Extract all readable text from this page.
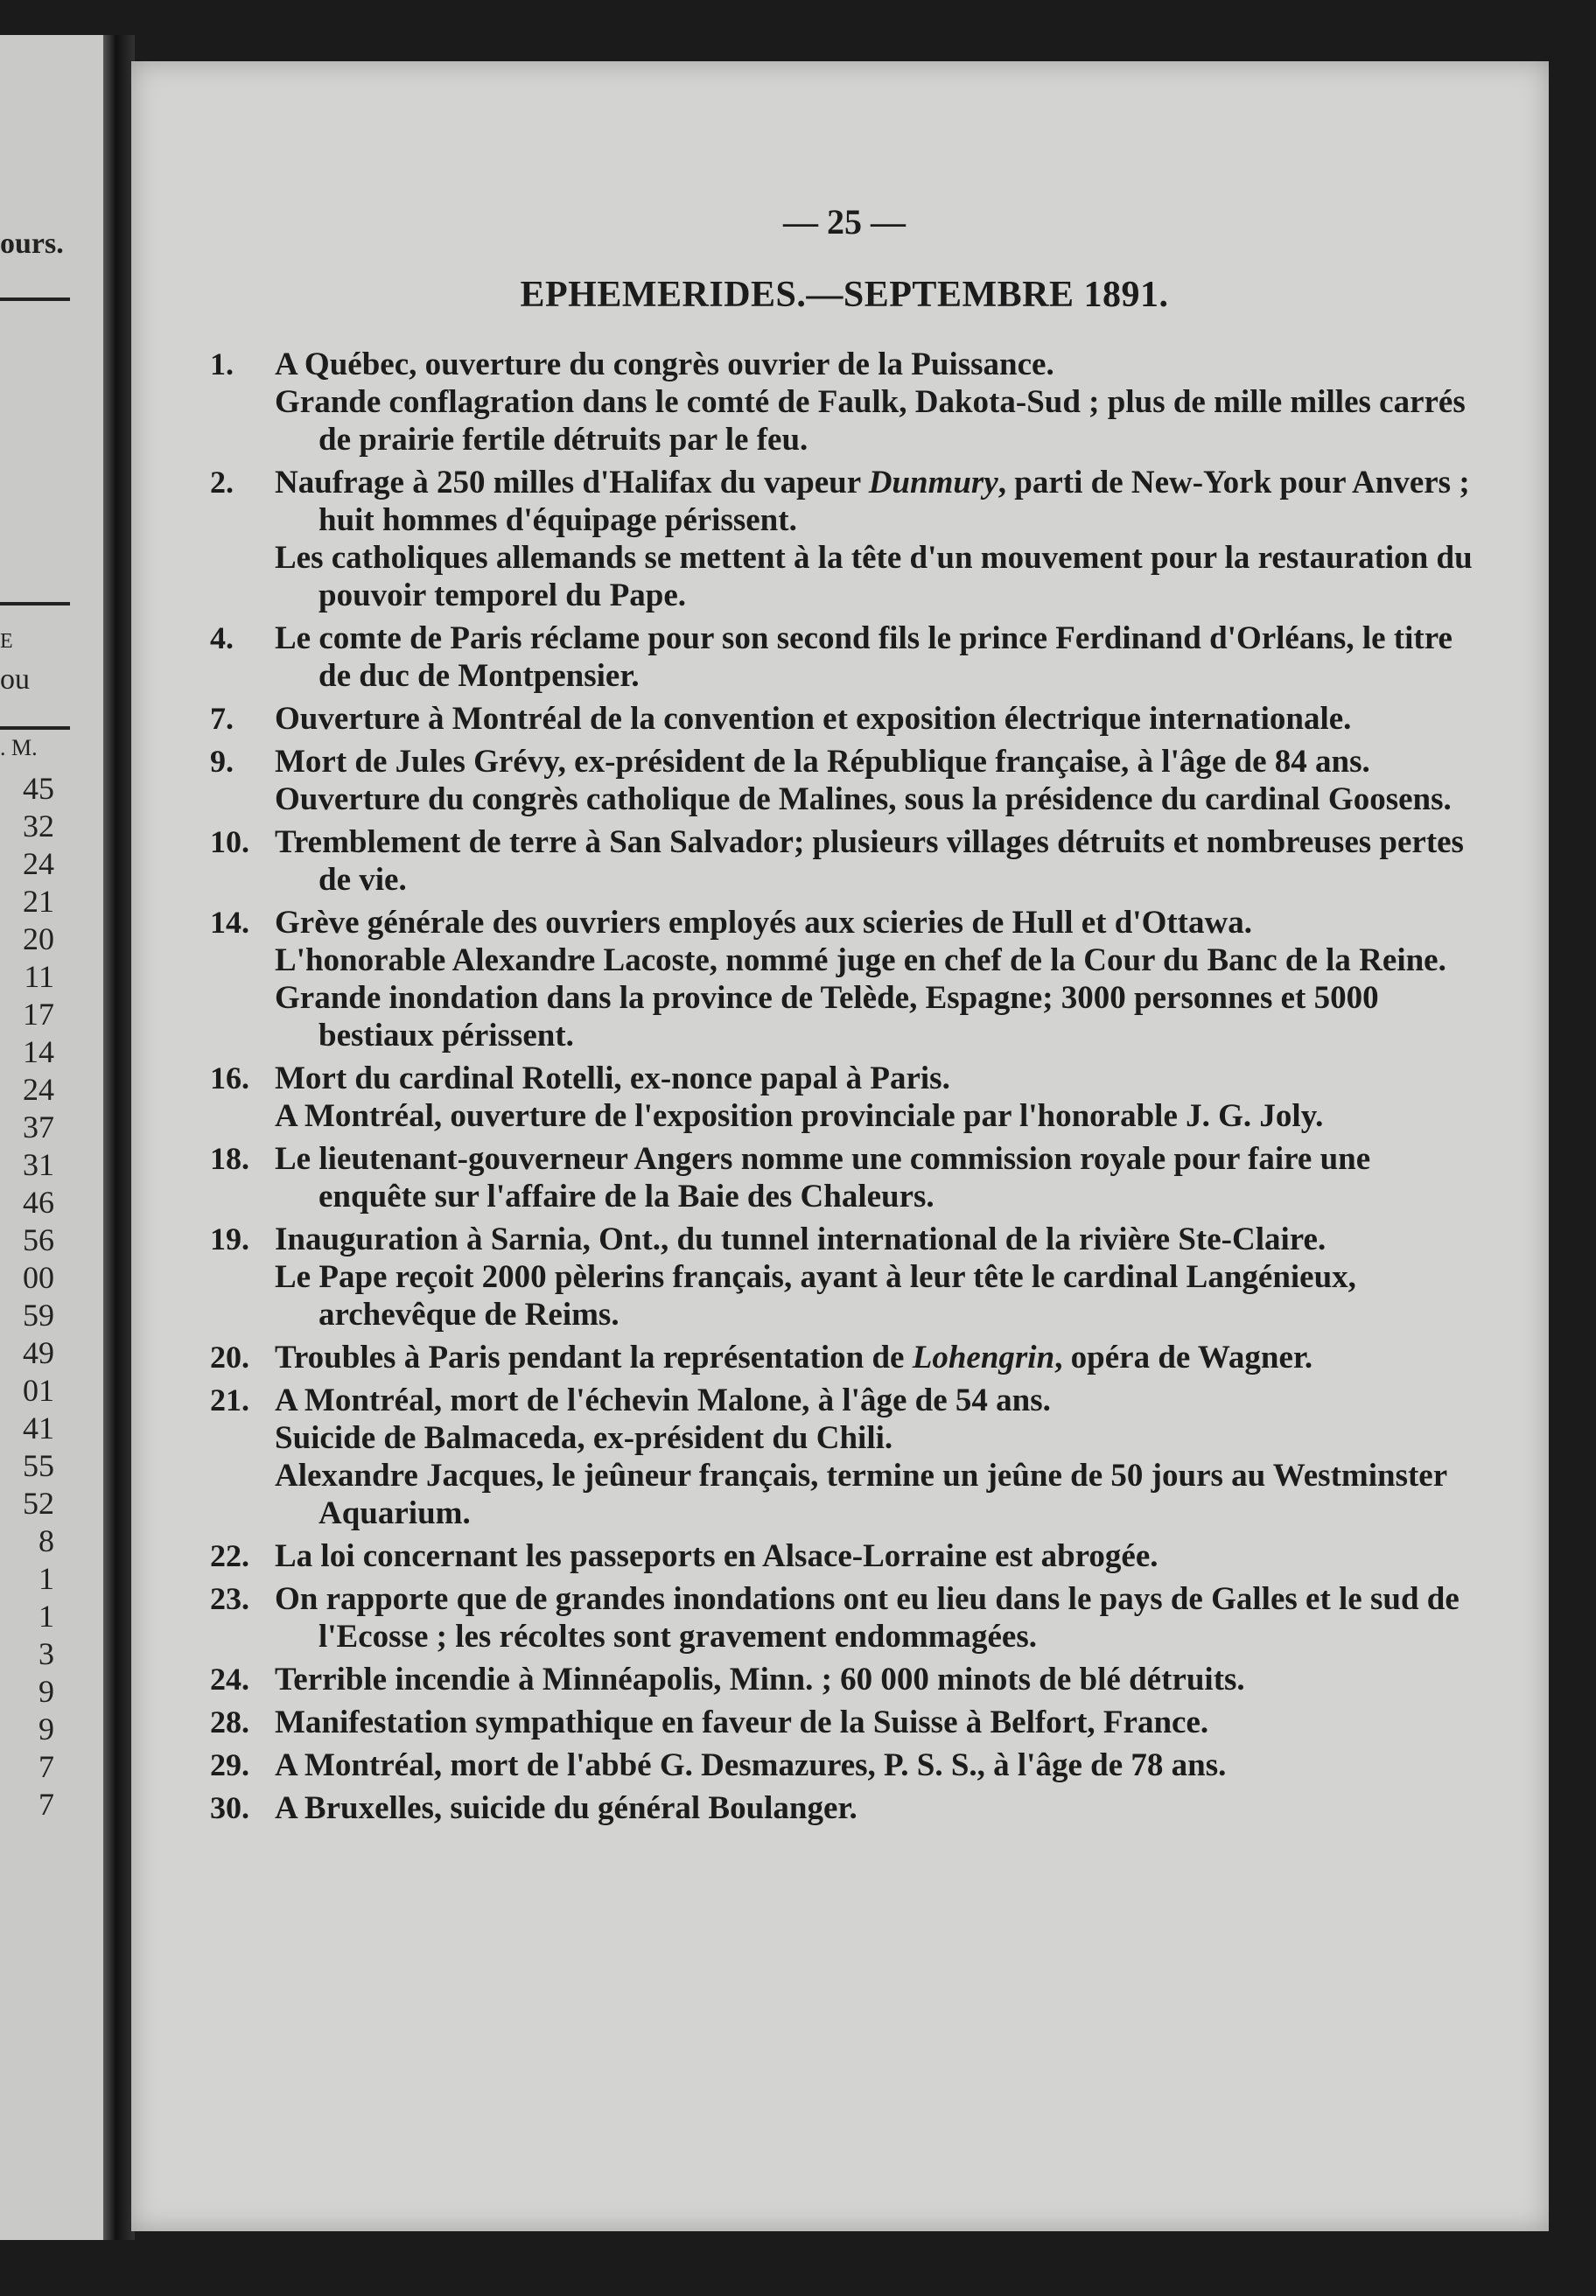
ours.
E
ou
. M.
45
32
24
21
20
11
17
14
24
37
31
46
56
00
59
49
01
41
55
52
8
1
1
3
9
9
7
7
— 25 —
EPHEMERIDES.—SEPTEMBRE 1891.
1. A Québec, ouverture du congrès ouvrier de la Puissance.

Grande conflagration dans le comté de Faulk, Dakota-Sud ; plus de mille milles carrés de prairie fertile détruits par le feu.

2. Naufrage à 250 milles d'Halifax du vapeur Dunmury, parti de New-York pour Anvers ; huit hommes d'équipage périssent.

Les catholiques allemands se mettent à la tête d'un mouvement pour la restauration du pouvoir temporel du Pape.

4. Le comte de Paris réclame pour son second fils le prince Ferdinand d'Orléans, le titre de duc de Montpensier.

7. Ouverture à Montréal de la convention et exposition électrique internationale.

9. Mort de Jules Grévy, ex-président de la République française, à l'âge de 84 ans.

Ouverture du congrès catholique de Malines, sous la présidence du cardinal Goosens.

10. Tremblement de terre à San Salvador; plusieurs villages détruits et nombreuses pertes de vie.

14. Grève générale des ouvriers employés aux scieries de Hull et d'Ottawa.

L'honorable Alexandre Lacoste, nommé juge en chef de la Cour du Banc de la Reine.

Grande inondation dans la province de Telède, Espagne; 3000 personnes et 5000 bestiaux périssent.

16. Mort du cardinal Rotelli, ex-nonce papal à Paris.

A Montréal, ouverture de l'exposition provinciale par l'honorable J. G. Joly.

18. Le lieutenant-gouverneur Angers nomme une commission royale pour faire une enquête sur l'affaire de la Baie des Chaleurs.

19. Inauguration à Sarnia, Ont., du tunnel international de la rivière Ste-Claire.

Le Pape reçoit 2000 pèlerins français, ayant à leur tête le cardinal Langénieux, archevêque de Reims.

20. Troubles à Paris pendant la représentation de Lohengrin, opéra de Wagner.

21. A Montréal, mort de l'échevin Malone, à l'âge de 54 ans.

Suicide de Balmaceda, ex-président du Chili.

Alexandre Jacques, le jeûneur français, termine un jeûne de 50 jours au Westminster Aquarium.

22. La loi concernant les passeports en Alsace-Lorraine est abrogée.

23. On rapporte que de grandes inondations ont eu lieu dans le pays de Galles et le sud de l'Ecosse ; les récoltes sont gravement endommagées.

24. Terrible incendie à Minnéapolis, Minn. ; 60 000 minots de blé détruits.

28. Manifestation sympathique en faveur de la Suisse à Belfort, France.

29. A Montréal, mort de l'abbé G. Desmazures, P. S. S., à l'âge de 78 ans.

30. A Bruxelles, suicide du général Boulanger.
